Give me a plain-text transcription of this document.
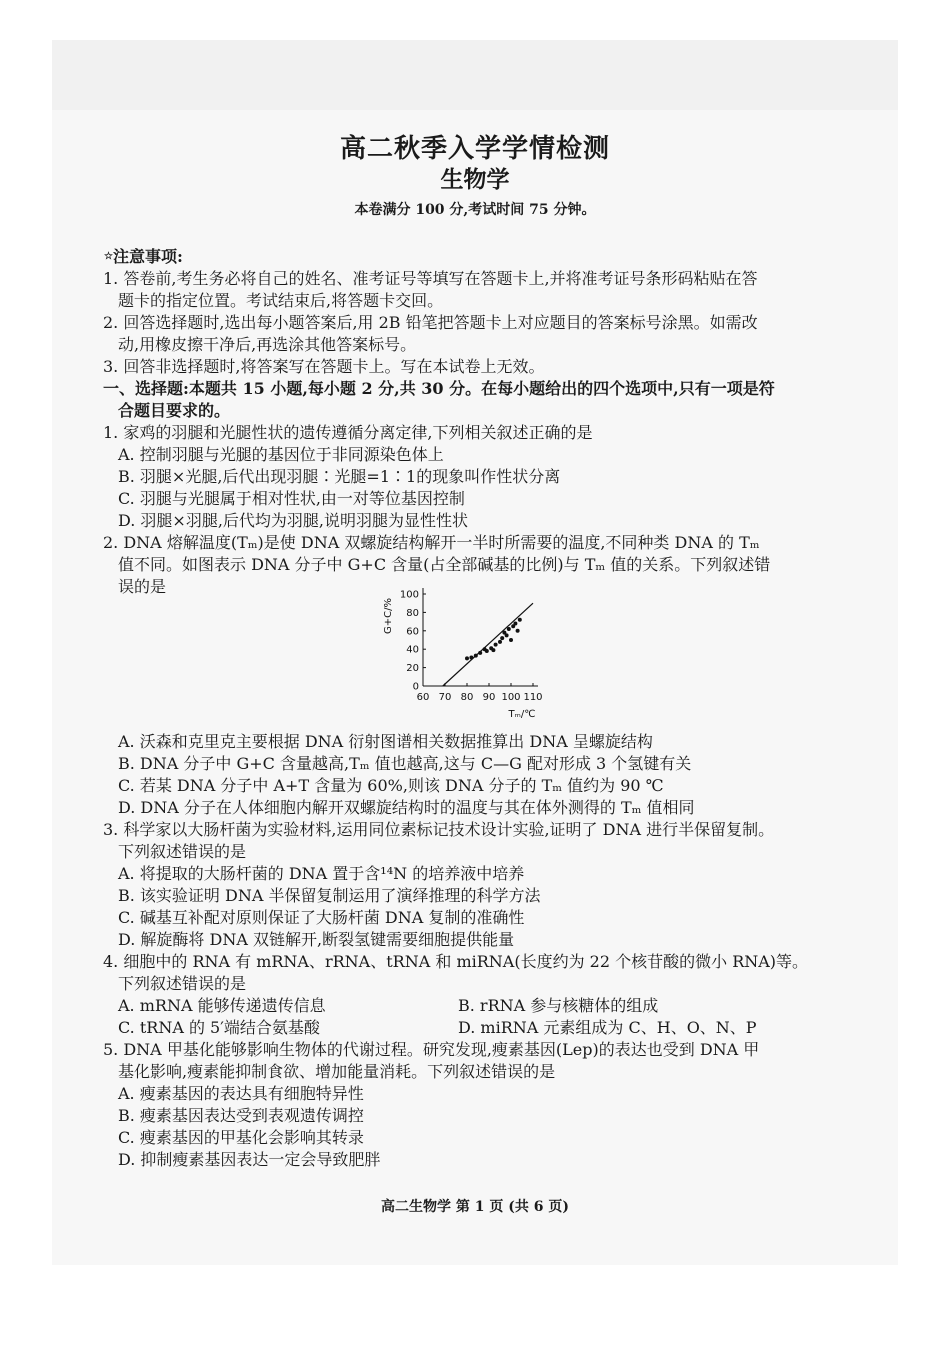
高二秋季入学学情检测
生物学
本卷满分 100 分,考试时间 75 分钟。
☆注意事项:
1. 答卷前,考生务必将自己的姓名、准考证号等填写在答题卡上,并将准考证号条形码粘贴在答
题卡的指定位置。考试结束后,将答题卡交回。
2. 回答选择题时,选出每小题答案后,用 2B 铅笔把答题卡上对应题目的答案标号涂黑。如需改
动,用橡皮擦干净后,再选涂其他答案标号。
3. 回答非选择题时,将答案写在答题卡上。写在本试卷上无效。
一、选择题:本题共 15 小题,每小题 2 分,共 30 分。在每小题给出的四个选项中,只有一项是符
合题目要求的。
1. 家鸡的羽腿和光腿性状的遗传遵循分离定律,下列相关叙述正确的是
A. 控制羽腿与光腿的基因位于非同源染色体上
B. 羽腿×光腿,后代出现羽腿∶光腿=1∶1的现象叫作性状分离
C. 羽腿与光腿属于相对性状,由一对等位基因控制
D. 羽腿×羽腿,后代均为羽腿,说明羽腿为显性性状
2. DNA 熔解温度(Tₘ)是使 DNA 双螺旋结构解开一半时所需要的温度,不同种类 DNA 的 Tₘ
值不同。如图表示 DNA 分子中 G+C 含量(占全部碱基的比例)与 Tₘ 值的关系。下列叙述错
误的是
60 70 80 90 100 110
0
20
40
60
80
100
Tₘ/℃
G+C/%
A. 沃森和克里克主要根据 DNA 衍射图谱相关数据推算出 DNA 呈螺旋结构
B. DNA 分子中 G+C 含量越高,Tₘ 值也越高,这与 C—G 配对形成 3 个氢键有关
C. 若某 DNA 分子中 A+T 含量为 60%,则该 DNA 分子的 Tₘ 值约为 90 ℃
D. DNA 分子在人体细胞内解开双螺旋结构时的温度与其在体外测得的 Tₘ 值相同
3. 科学家以大肠杆菌为实验材料,运用同位素标记技术设计实验,证明了 DNA 进行半保留复制。
下列叙述错误的是
A. 将提取的大肠杆菌的 DNA 置于含¹⁴N 的培养液中培养
B. 该实验证明 DNA 半保留复制运用了演绎推理的科学方法
C. 碱基互补配对原则保证了大肠杆菌 DNA 复制的准确性
D. 解旋酶将 DNA 双链解开,断裂氢键需要细胞提供能量
4. 细胞中的 RNA 有 mRNA、rRNA、tRNA 和 miRNA(长度约为 22 个核苷酸的微小 RNA)等。
下列叙述错误的是
A. mRNA 能够传递遗传信息	B. rRNA 参与核糖体的组成
C. tRNA 的 5′端结合氨基酸	D. miRNA 元素组成为 C、H、O、N、P
5. DNA 甲基化能够影响生物体的代谢过程。研究发现,瘦素基因(Lep)的表达也受到 DNA 甲
基化影响,瘦素能抑制食欲、增加能量消耗。下列叙述错误的是
A. 瘦素基因的表达具有细胞特异性
B. 瘦素基因表达受到表观遗传调控
C. 瘦素基因的甲基化会影响其转录
D. 抑制瘦素基因表达一定会导致肥胖
高二生物学 第 1 页 (共 6 页)
